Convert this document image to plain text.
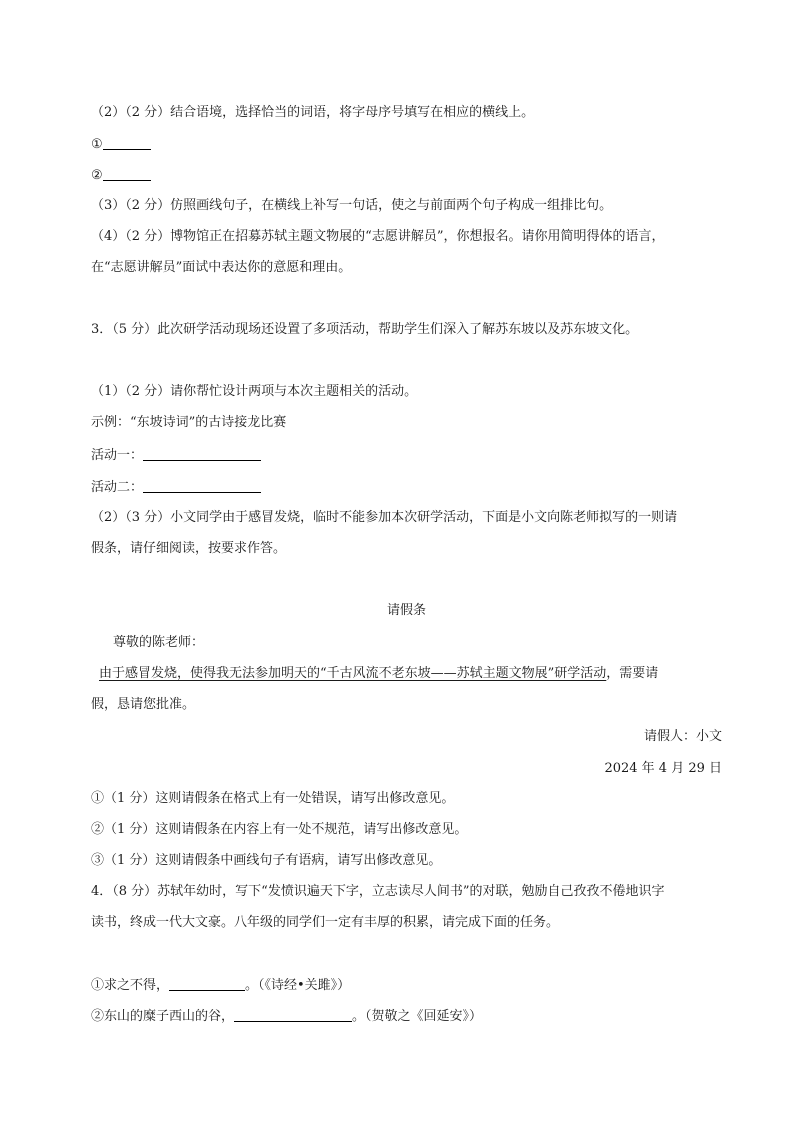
（2）（2 分）结合语境，选择恰当的词语，将字母序号填写在相应的横线上。
①
②
（3）（2 分）仿照画线句子，在横线上补写一句话，使之与前面两个句子构成一组排比句。
（4）（2 分）博物馆正在招募苏轼主题文物展的“志愿讲解员”，你想报名。请你用简明得体的语言，
在“志愿讲解员”面试中表达你的意愿和理由。
3．（5 分）此次研学活动现场还设置了多项活动，帮助学生们深入了解苏东坡以及苏东坡文化。
（1）（2 分）请你帮忙设计两项与本次主题相关的活动。
示例：“东坡诗词”的古诗接龙比赛
活动一：
活动二：
（2）（3 分）小文同学由于感冒发烧，临时不能参加本次研学活动，下面是小文向陈老师拟写的一则请
假条，请仔细阅读，按要求作答。
请假条
尊敬的陈老师：
由于感冒发烧，使得我无法参加明天的“千古风流不老东坡——苏轼主题文物展”研学活动，需要请
假，恳请您批准。
请假人：小文
2024 年 4 月 29 日
①（1 分）这则请假条在格式上有一处错误，请写出修改意见。
②（1 分）这则请假条在内容上有一处不规范，请写出修改意见。
③（1 分）这则请假条中画线句子有语病，请写出修改意见。
4．（8 分）苏轼年幼时，写下“发愤识遍天下字，立志读尽人间书”的对联，勉励自己孜孜不倦地识字
读书，终成一代大文豪。八年级的同学们一定有丰厚的积累，请完成下面的任务。
①求之不得，	。（《诗经•关雎》）
②东山的糜子西山的谷，	。（贺敬之《回延安》）
